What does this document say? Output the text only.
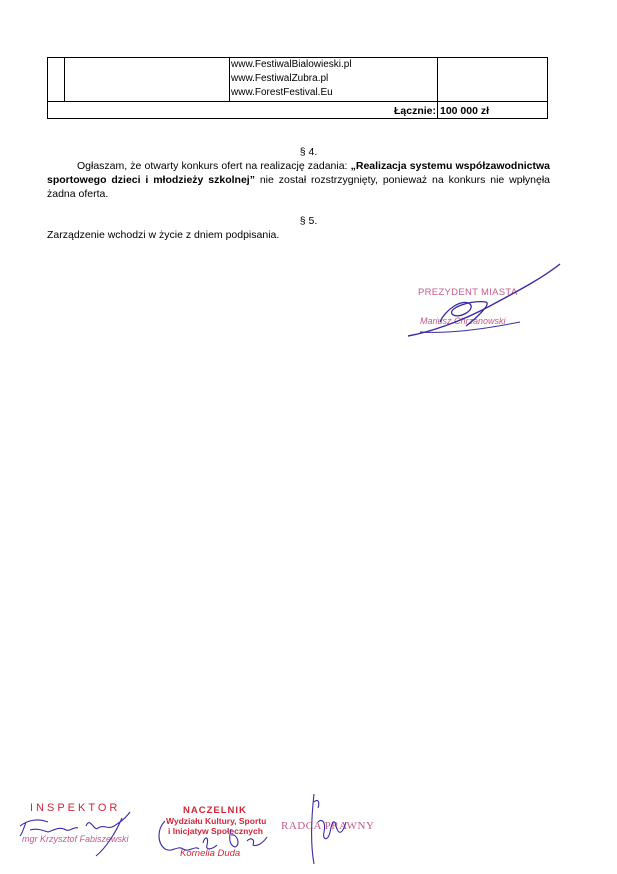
www.FestiwalBialowieski.pl
www.FestiwalZubra.pl
www.ForestFestival.Eu
Łącznie: 100 000 zł
§ 4.
Ogłaszam, że otwarty konkurs ofert na realizację zadania: „Realizacja systemu współzawodnictwa sportowego dzieci i młodzieży szkolnej” nie został rozstrzygnięty, ponieważ na konkurs nie wpłynęła żadna oferta.
§ 5.
Zarządzenie wchodzi w życie z dniem podpisania.
PREZYDENT MIASTA
Mariusz Chrzanowski
INSPEKTOR
mgr Krzysztof Fabiszewski
NACZELNIK
Wydziału Kultury, Sportu
i Inicjatyw Społecznych
Kornelia Duda
RADCA PRAWNY
